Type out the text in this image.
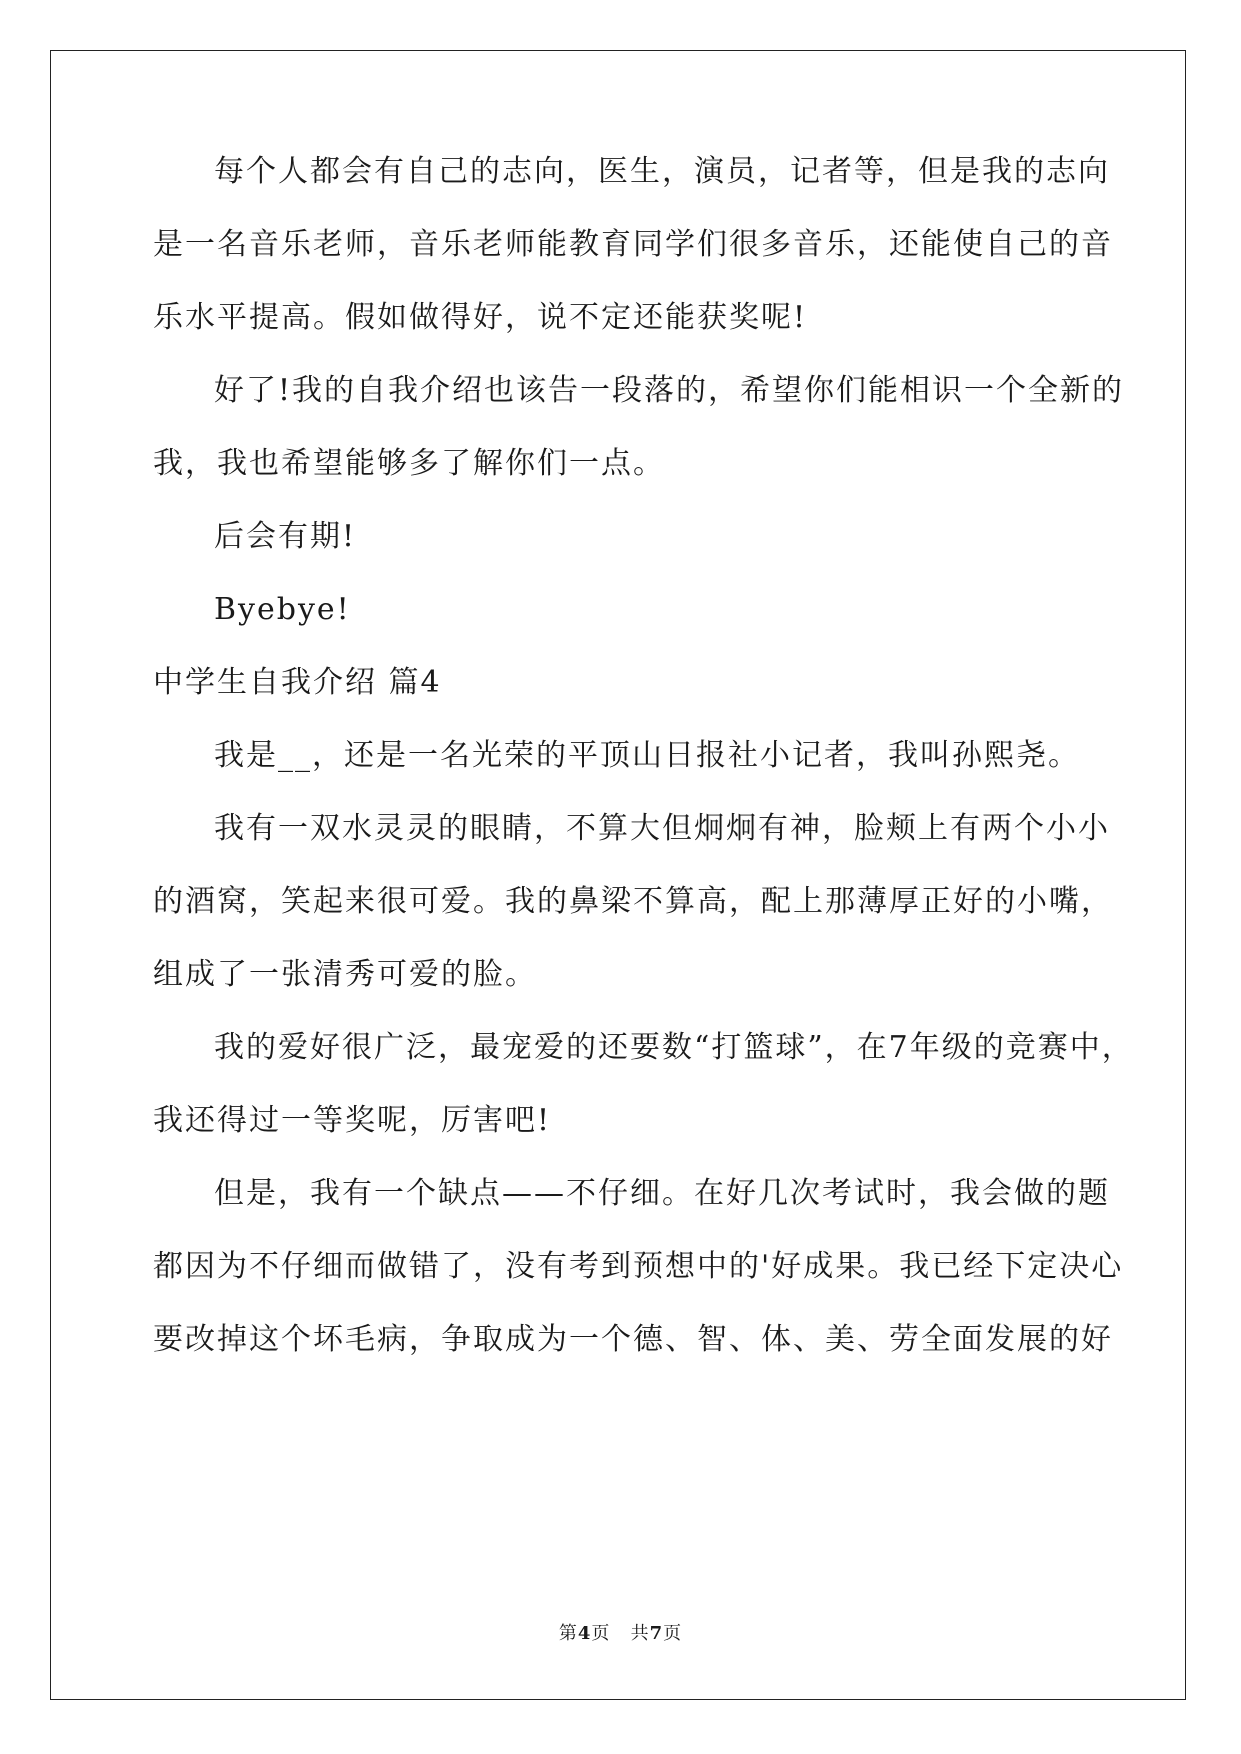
每个人都会有自己的志向，医生，演员，记者等，但是我的志向
是一名音乐老师，音乐老师能教育同学们很多音乐，还能使自己的音
乐水平提高。假如做得好，说不定还能获奖呢!
好了!我的自我介绍也该告一段落的，希望你们能相识一个全新的
我，我也希望能够多了解你们一点。
后会有期!
Byebye!
中学生自我介绍 篇4
我是__，还是一名光荣的平顶山日报社小记者，我叫孙熙尧。
我有一双水灵灵的眼睛，不算大但炯炯有神，脸颊上有两个小小
的酒窝，笑起来很可爱。我的鼻梁不算高，配上那薄厚正好的小嘴，
组成了一张清秀可爱的脸。
我的爱好很广泛，最宠爱的还要数“打篮球”，在7年级的竞赛中，
我还得过一等奖呢，厉害吧!
但是，我有一个缺点——不仔细。在好几次考试时，我会做的题
都因为不仔细而做错了，没有考到预想中的'好成果。我已经下定决心
要改掉这个坏毛病，争取成为一个德、智、体、美、劳全面发展的好
第4页 共7页
